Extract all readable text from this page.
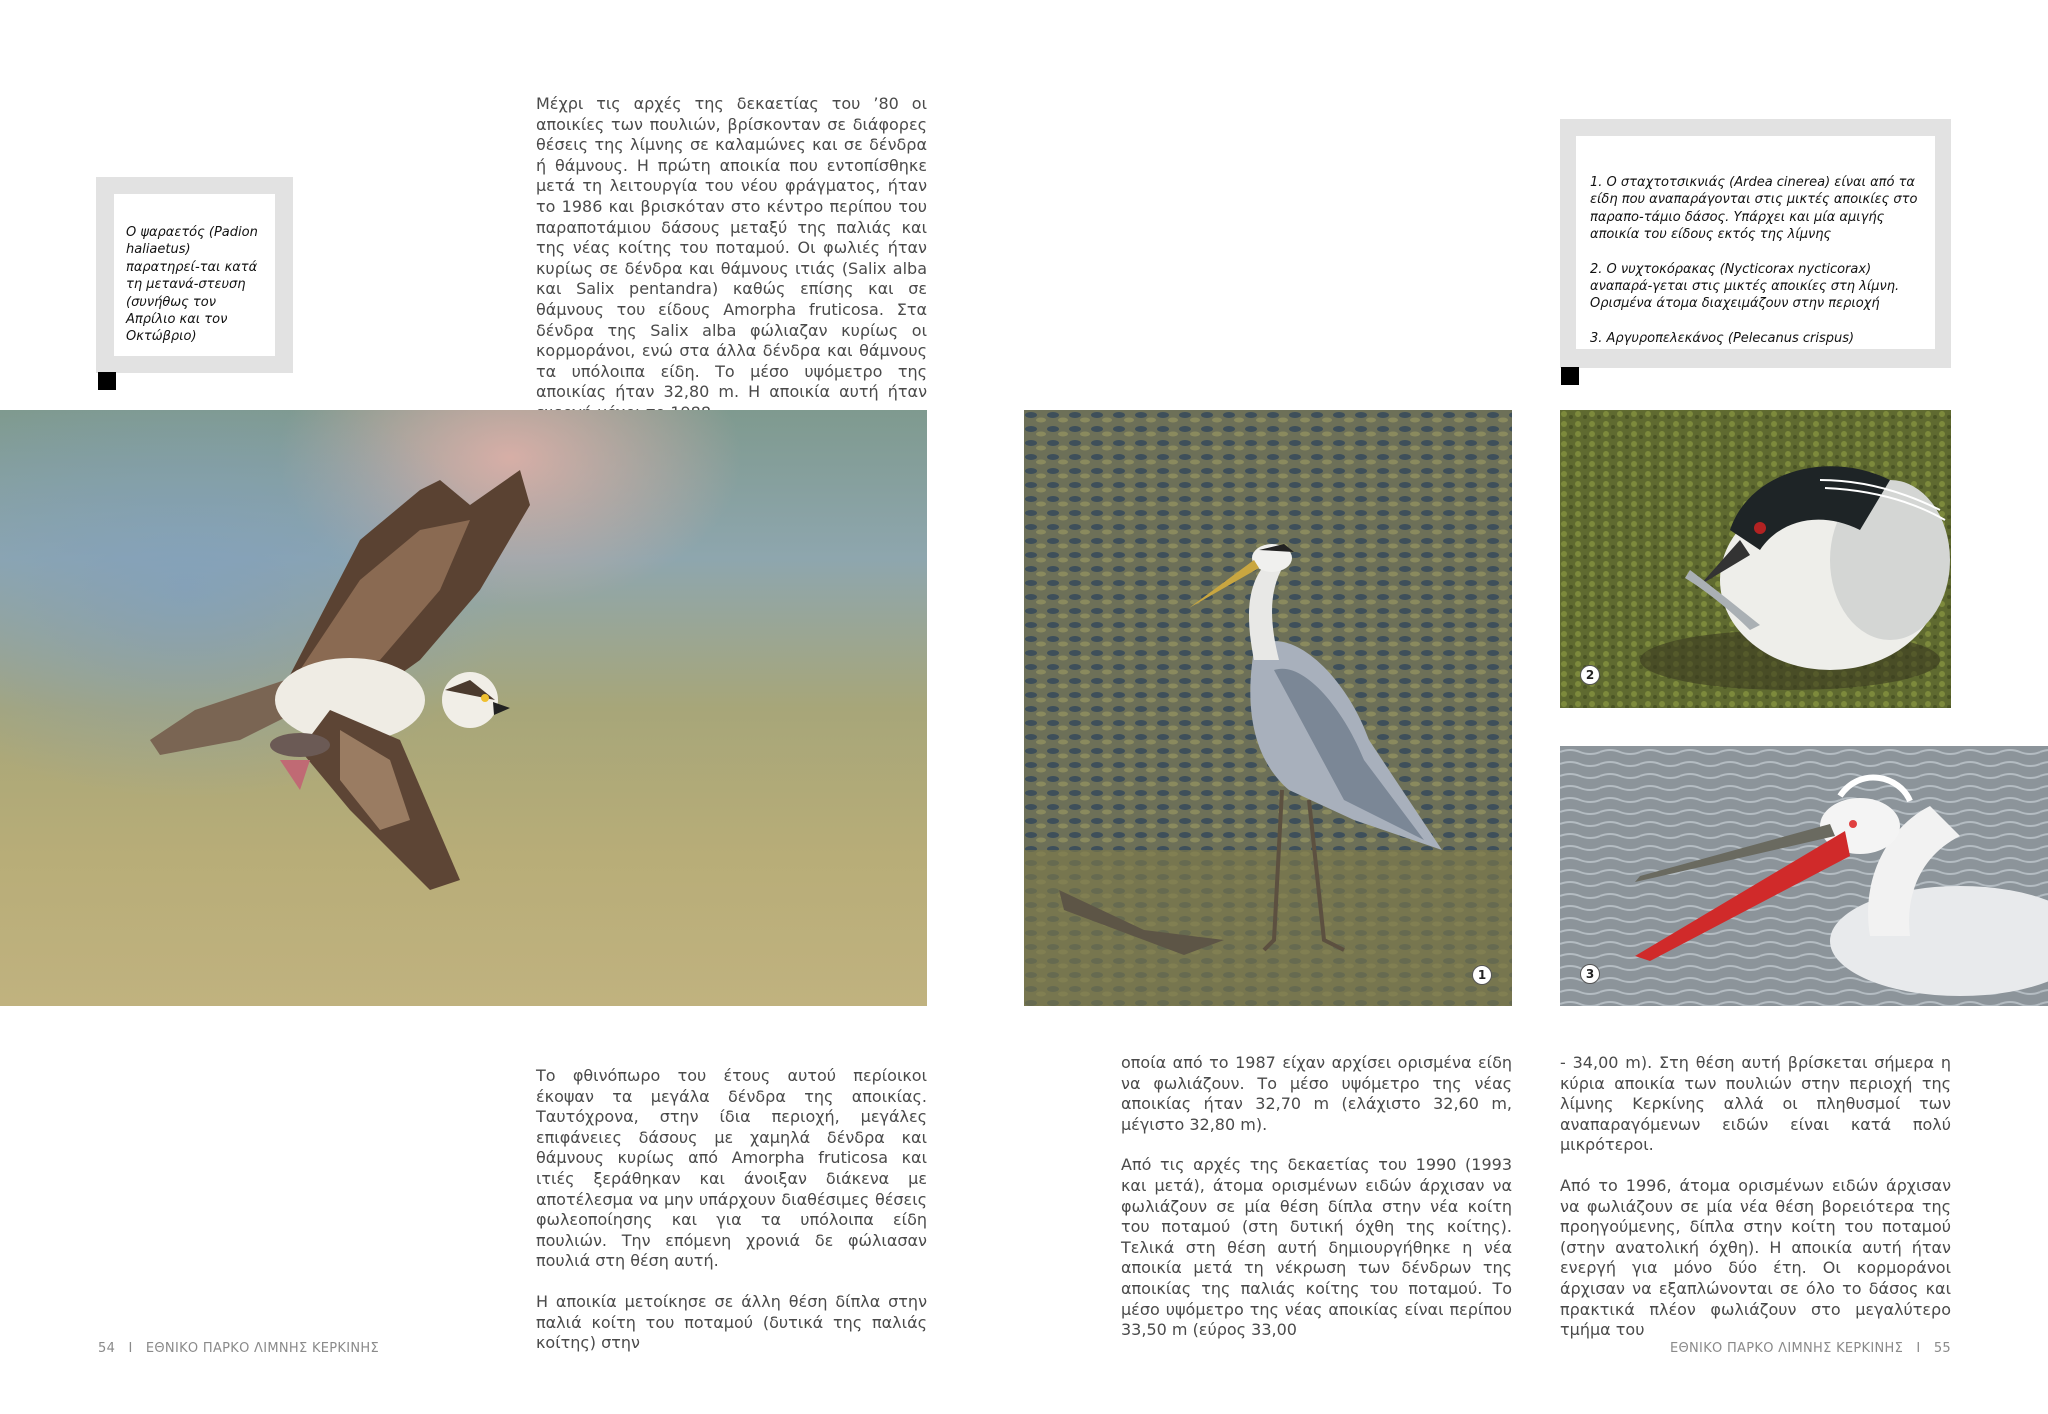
Μέχρι τις αρχές της δεκαετίας του ’80 οι αποικίες των πουλιών, βρίσκονταν σε διάφορες θέσεις της λίμνης σε καλαμώνες και σε δένδρα ή θάμνους. Η πρώτη αποικία που εντοπίσθηκε μετά τη λειτουργία του νέου φράγματος, ήταν το 1986 και βρισκόταν στο κέντρο περίπου του παραποτάμιου δάσους μεταξύ της παλιάς και της νέας κοίτης του ποταμού. Οι φωλιές ήταν κυρίως σε δένδρα και θάμνους ιτιάς (Salix alba και Salix pentandra) καθώς επίσης και σε θάμνους του είδους Amorpha fruticosa. Στα δένδρα της Salix alba φώλιαζαν κυρίως οι κορμοράνοι, ενώ στα άλλα δένδρα και θάμνους τα υπόλοιπα είδη. Το μέσο υψόμετρο της αποικίας ήταν 32,80 m. Η αποικία αυτή ήταν
Ο ψαραετός (Padion haliaetus) παρατηρεί-ται κατά τη μετανά-στευση (συνήθως τον Απρίλιο και τον Οκτώβριο)

1. Ο σταχτοτσικνιάς (Ardea cinerea) είναι από τα είδη που αναπαράγονται στις μικτές αποικίες στο παραπο-τάμιο δάσος. Υπάρχει και μία αμιγής αποικία του είδους εκτός της λίμνης

2. Ο νυχτοκόρακας (Nycticorax nycticorax) αναπαρά-γεται στις μικτές αποικίες στη λίμνη. Ορισμένα άτομα διαχειμάζουν στην περιοχή

3. Αργυροπελεκάνος (Pelecanus crispus)

1
2
3

Το φθινόπωρο του έτους αυτού περίοικοι έκοψαν τα μεγάλα δένδρα της αποικίας. Ταυτόχρονα, στην ίδια περιοχή, μεγάλες επιφάνειες δάσους με χαμηλά δένδρα και θάμνους κυρίως από Amorpha fruticosa και ιτιές ξεράθηκαν και άνοιξαν διάκενα με αποτέλεσμα να μην υπάρχουν διαθέσιμες θέσεις φωλεοποίησης και για τα υπόλοιπα είδη πουλιών. Την επόμενη χρονιά δε φώλιασαν πουλιά στη θέση αυτή.

Η αποικία μετοίκησε σε άλλη θέση δίπλα στην παλιά κοίτη του ποταμού (δυτικά της παλιάς κοίτης) στην

οποία από το 1987 είχαν αρχίσει ορισμένα είδη να φωλιάζουν. Το μέσο υψόμετρο της νέας αποικίας ήταν 32,70 m (ελάχιστο 32,60 m, μέγιστο 32,80 m).

Από τις αρχές της δεκαετίας του 1990 (1993 και μετά), άτομα ορισμένων ειδών άρχισαν να φωλιάζουν σε μία θέση δίπλα στην νέα κοίτη του ποταμού (στη δυτική όχθη της κοίτης). Τελικά στη θέση αυτή δημιουργήθηκε η νέα αποικία μετά τη νέκρωση των δένδρων της αποικίας της παλιάς κοίτης του ποταμού. Το μέσο υψόμετρο της νέας αποικίας είναι περίπου 33,50 m (εύρος 33,00

- 34,00 m). Στη θέση αυτή βρίσκεται σήμερα η κύρια αποικία των πουλιών στην περιοχή της λίμνης Κερκίνης αλλά οι πληθυσμοί των αναπαραγόμενων ειδών είναι κατά πολύ μικρότεροι.

Από το 1996, άτομα ορισμένων ειδών άρχισαν να φωλιάζουν σε μία νέα θέση βορειότερα της προηγούμενης, δίπλα στην κοίτη του ποταμού (στην ανατολική όχθη). Η αποικία αυτή ήταν ενεργή για μόνο δύο έτη. Οι κορμοράνοι άρχισαν να εξαπλώνονται σε όλο το δάσος και πρακτικά πλέον φωλιάζουν στο μεγαλύτερο τμήμα του

54   I   ΕΘΝΙΚΟ ΠΑΡΚΟ ΛΙΜΝΗΣ ΚΕΡΚΙΝΗΣ	ΕΘΝΙΚΟ ΠΑΡΚΟ ΛΙΜΝΗΣ ΚΕΡΚΙΝΗΣ   I   55
